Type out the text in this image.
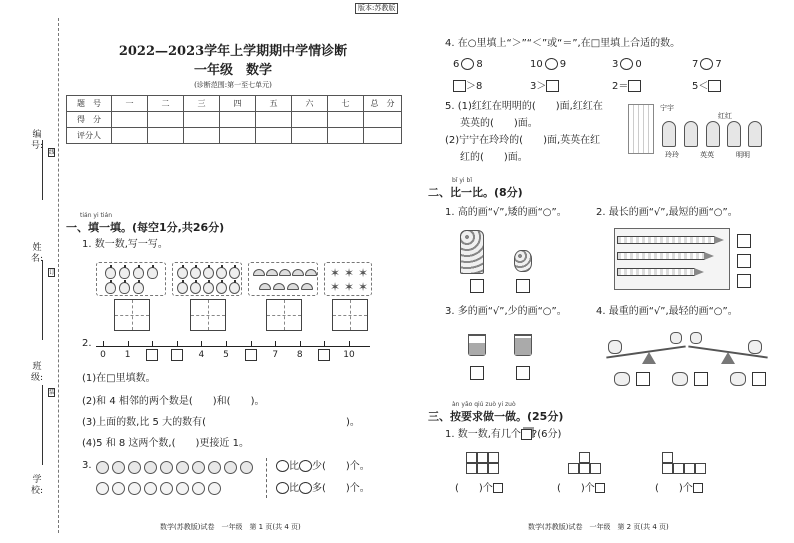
编号:
姓名:
班级:
学校:
线
订
装
版本:苏教版
2022—2023学年上学期期中学情诊断
一年级　数学
(诊断范围:第一至七单元)
题　号	一	二	三	四	五	六	七	总　分
得　分								
评分人								
tián yi tián
一、填一填。(每空1分,共26分)
1. 数一数,写一写。
✶ ✶ ✶
✶ ✶ ✶
2.
0	1	4	5	7	8	10
(1)在□里填数。
(2)和 4 相邻的两个数是(　　)和(　　)。
(3)上面的数,比 5 大的数有(　　　　　　　　　　　　　　)。
(4)5 和 8 这两个数,(　　)更接近 1。
3.	比 少(　　)个。
比 多(　　)个。
数学(苏教版)试卷　一年级　第 1 页(共 4 页)
4. 在○里填上“＞”“＜”或“＝”,在□里填上合适的数。
6 8	10 9	3 0	7 7
＞8	3＞	2＝	5＜
5. (1)红红在明明的(　　)面,红红在
英英的(　　)面。
(2)宁宁在玲玲的(　　)面,英英在红
红的(　　)面。
宁宇
红红
玲玲	英英	明明
bǐ yi bǐ
二、比一比。(8分)
1. 高的画“√”,矮的画“○”。	2. 最长的画“√”,最短的画“○”。
3. 多的画“√”,少的画“○”。	4. 最重的画“√”,最轻的画“○”。
àn yāo qiú zuò yi zuò
三、按要求做一做。(25分)
1. 数一数,有几个 ?(6分)
(　　)个	(　　)个	(　　)个
数学(苏教版)试卷　一年级　第 2 页(共 4 页)
